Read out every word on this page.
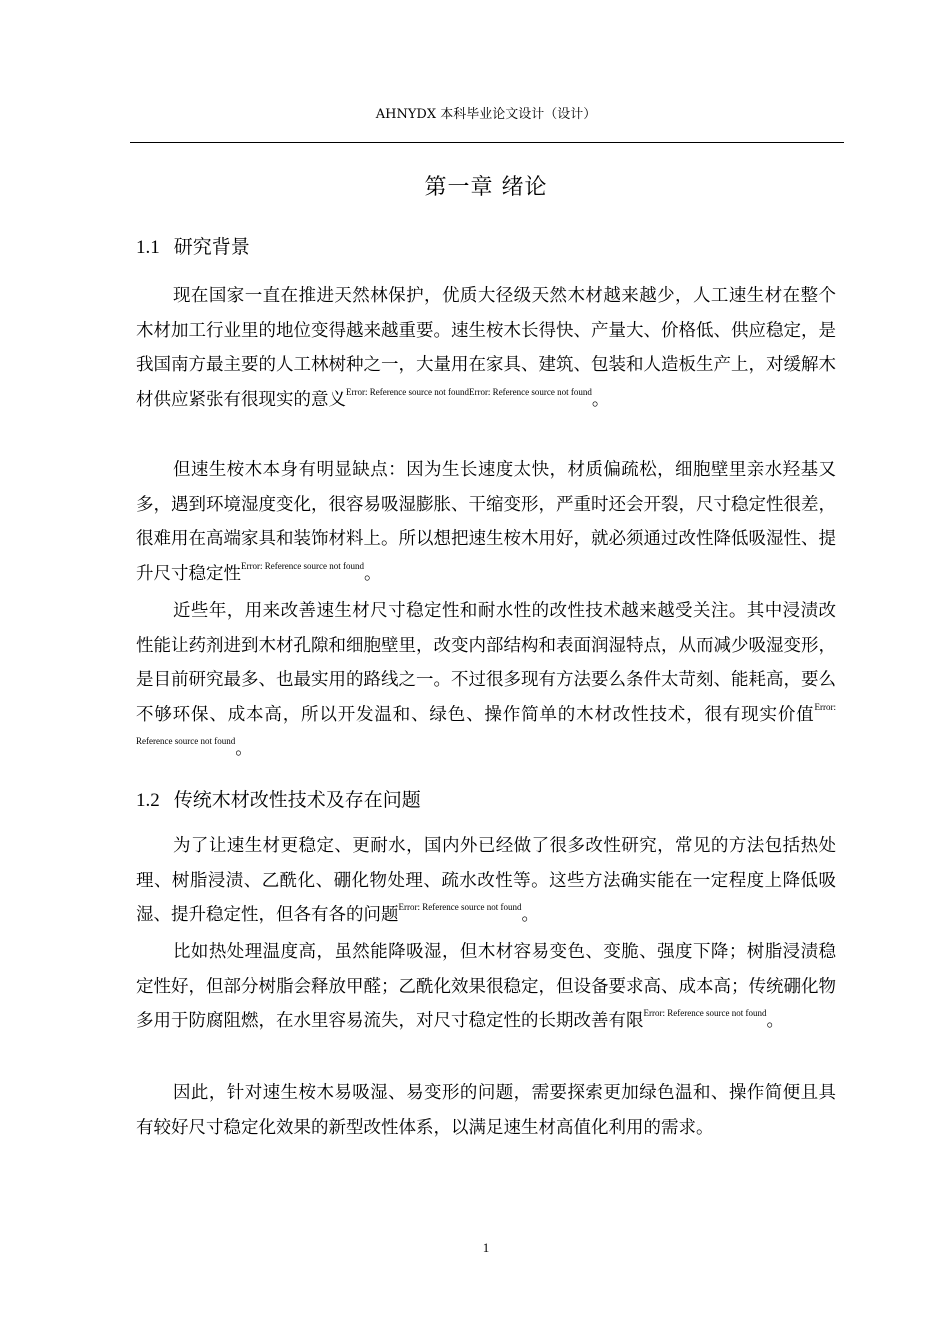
AHNYDX 本科毕业论文设计（设计）
第一章 绪论
1.1 研究背景

现在国家一直在推进天然林保护，优质大径级天然木材越来越少，人工速生材在整个木材加工行业里的地位变得越来越重要。速生桉木长得快、产量大、价格低、供应稳定，是我国南方最主要的人工林树种之一，大量用在家具、建筑、包装和人造板生产上，对缓解木材供应紧张有很现实的意义$^{Error: Reference source not foundError: Reference source not found}$。

但速生桉木本身有明显缺点：因为生长速度太快，材质偏疏松，细胞壁里亲水羟基又多，遇到环境湿度变化，很容易吸湿膨胀、干缩变形，严重时还会开裂，尺寸稳定性很差，很难用在高端家具和装饰材料上。所以想把速生桉木用好，就必须通过改性降低吸湿性、提升尺寸稳定性$^{Error: Reference source not found}$。

近些年，用来改善速生材尺寸稳定性和耐水性的改性技术越来越受关注。其中浸渍改性能让药剂进到木材孔隙和细胞壁里，改变内部结构和表面润湿特点，从而减少吸湿变形，是目前研究最多、也最实用的路线之一。不过很多现有方法要么条件太苛刻、能耗高，要么不够环保、成本高，所以开发温和、绿色、操作简单的木材改性技术，很有现实价值$^{Error: Reference source not found}$。

1.2 传统木材改性技术及存在问题

为了让速生材更稳定、更耐水，国内外已经做了很多改性研究，常见的方法包括热处理、树脂浸渍、乙酰化、硼化物处理、疏水改性等。这些方法确实能在一定程度上降低吸湿、提升稳定性，但各有各的问题$^{Error: Reference source not found}$。

比如热处理温度高，虽然能降吸湿，但木材容易变色、变脆、强度下降；树脂浸渍稳定性好，但部分树脂会释放甲醛；乙酰化效果很稳定，但设备要求高、成本高；传统硼化物多用于防腐阻燃，在水里容易流失，对尺寸稳定性的长期改善有限$^{Error: Reference source not found}$。

因此，针对速生桉木易吸湿、易变形的问题，需要探索更加绿色温和、操作简便且具有较好尺寸稳定化效果的新型改性体系，以满足速生材高值化利用的需求。

1
